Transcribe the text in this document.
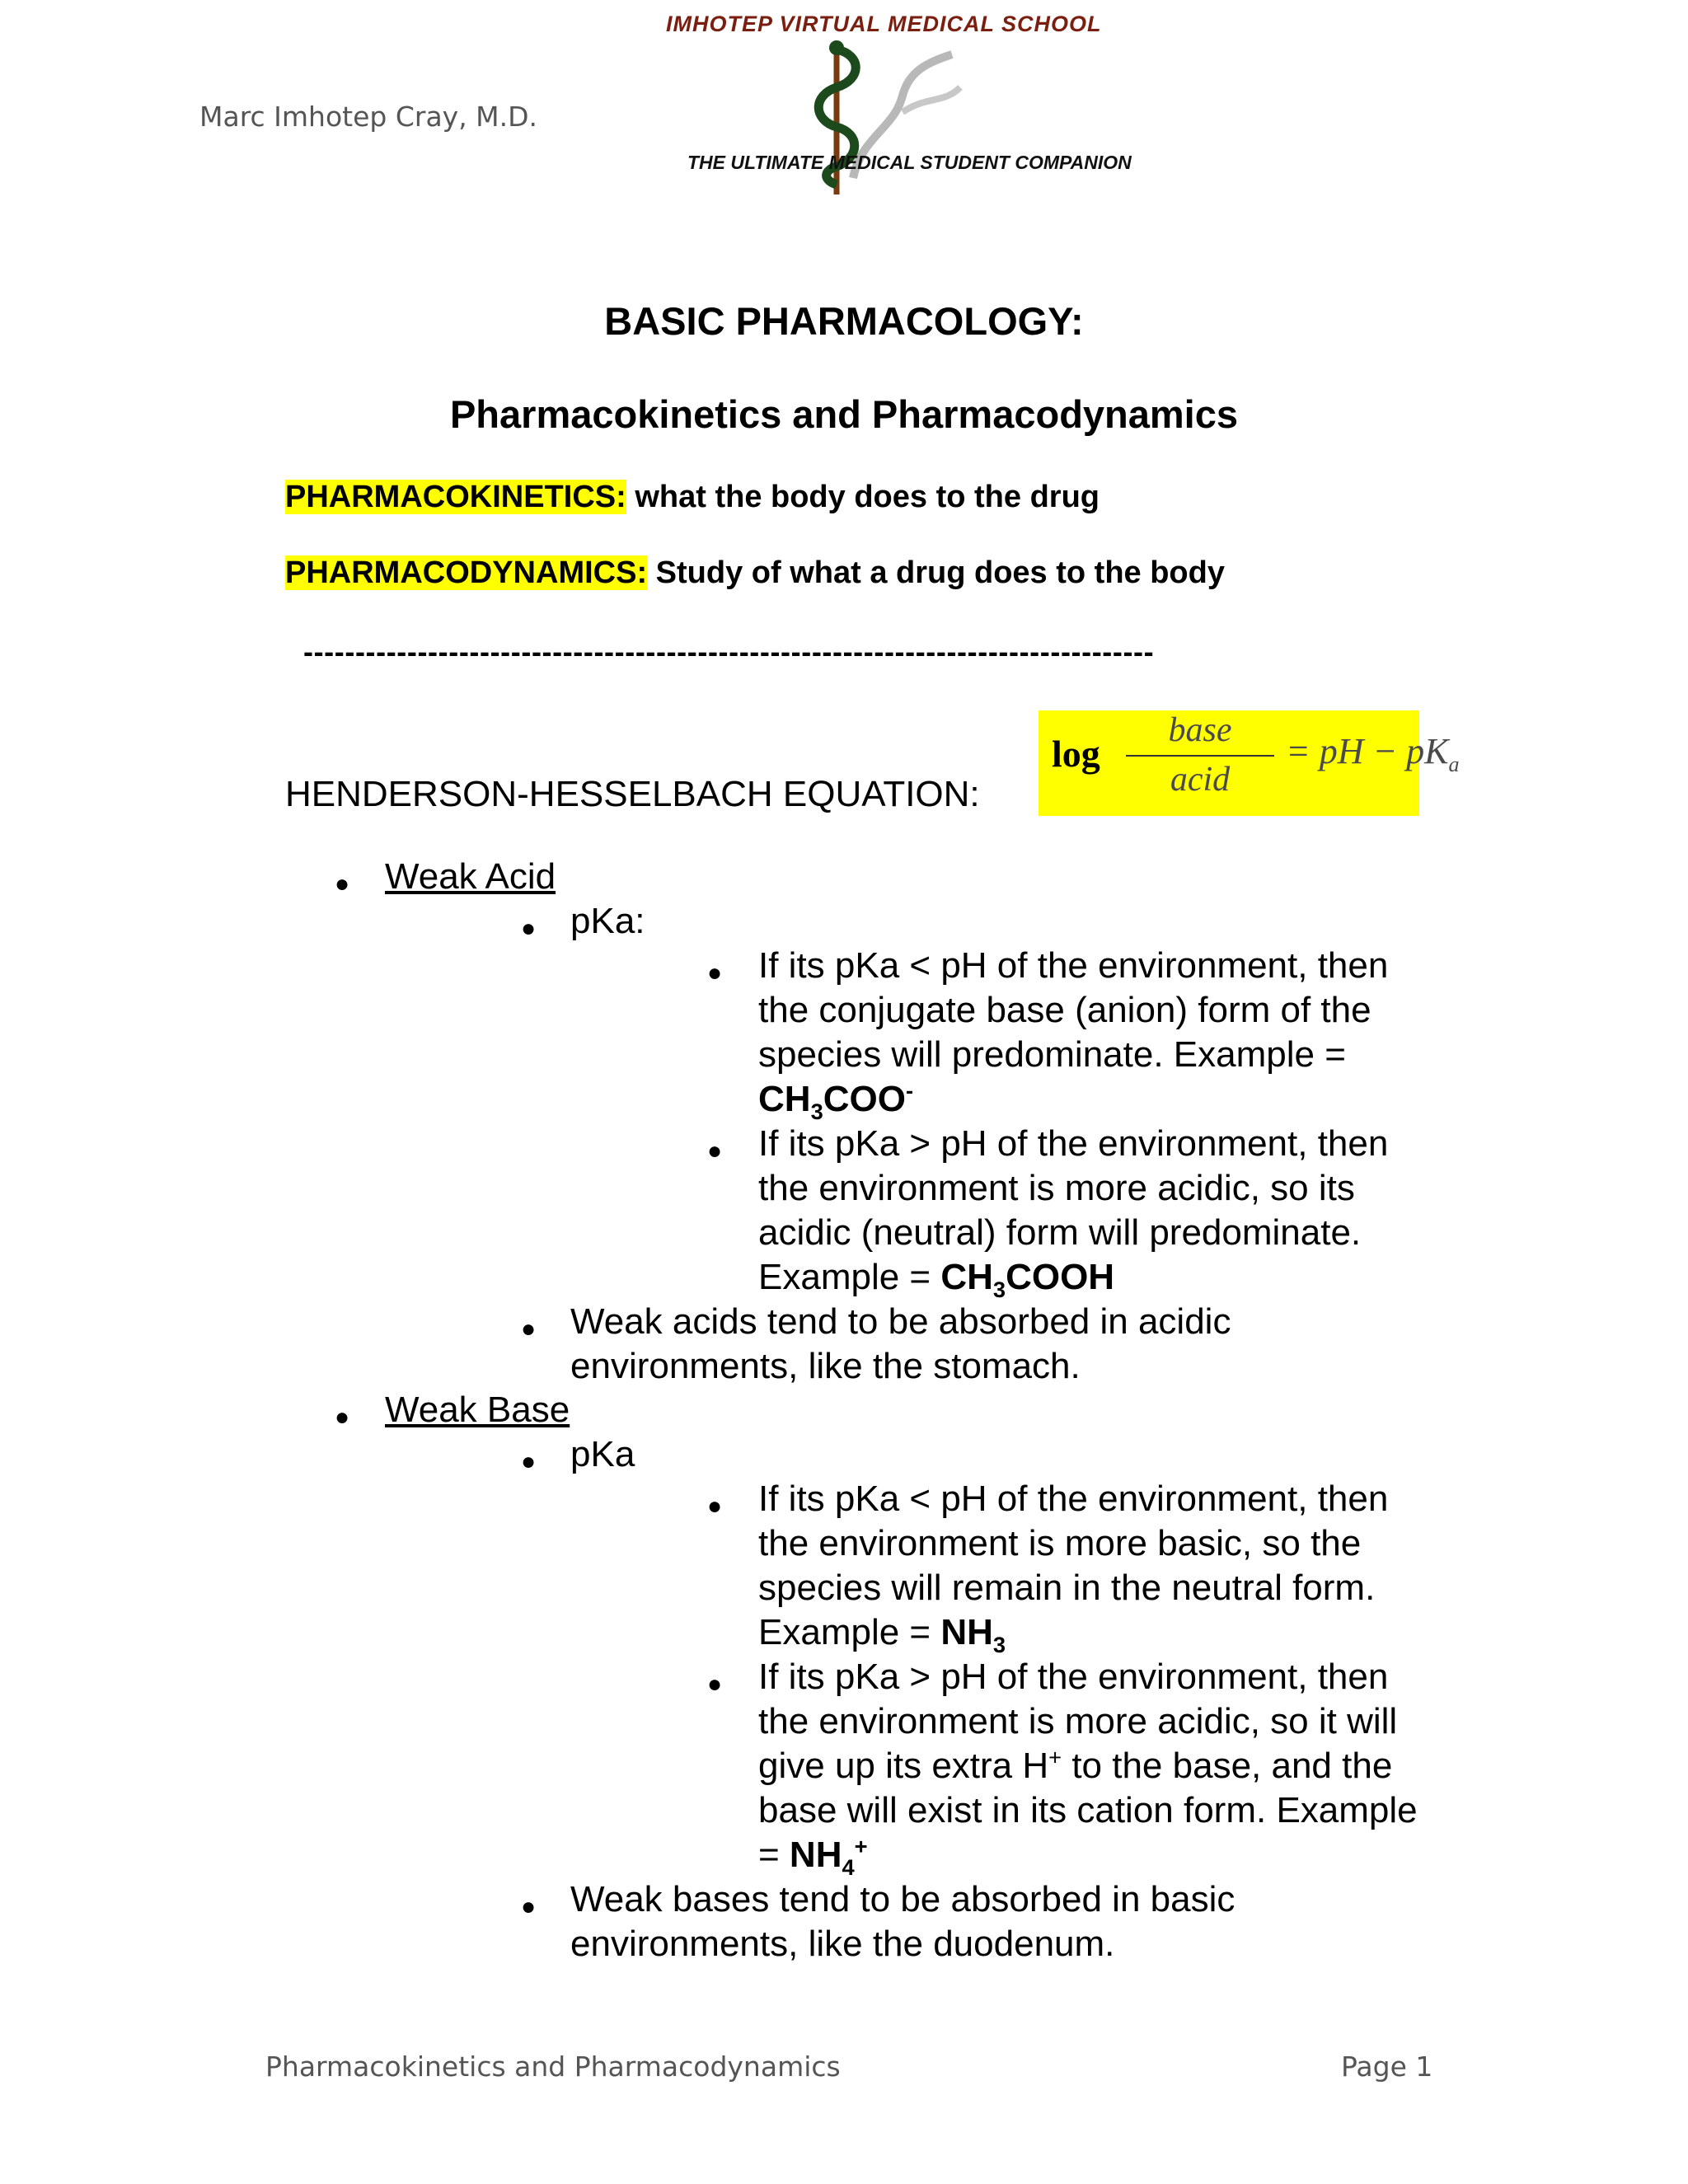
Marc Imhotep Cray, M.D.
IMHOTEP VIRTUAL MEDICAL SCHOOL
THE ULTIMATE MEDICAL STUDENT COMPANION
BASIC PHARMACOLOGY:
Pharmacokinetics and Pharmacodynamics
PHARMACOKINETICS: what the body does to the drug
PHARMACODYNAMICS: Study of what a drug does to the body
----------------------------------------------------------------------------------
HENDERSON-HESSELBACH EQUATION:
log
base
acid
= pH − $pK_a$
● Weak Acid
● pKa:
● If its pKa < pH of the environment, then
the conjugate base (anion) form of the
species will predominate. Example =
$CH_3COO^-$
● If its pKa > pH of the environment, then
the environment is more acidic, so its
acidic (neutral) form will predominate.
Example = $CH_3COOH$
● Weak acids tend to be absorbed in acidic
environments, like the stomach.
● Weak Base
● pKa
● If its pKa < pH of the environment, then
the environment is more basic, so the
species will remain in the neutral form.
Example = $NH_3$
● If its pKa > pH of the environment, then
the environment is more acidic, so it will
give up its extra H+ to the base, and the
base will exist in its cation form. Example
= $NH_4^+$
● Weak bases tend to be absorbed in basic
environments, like the duodenum.
Pharmacokinetics and Pharmacodynamics	Page 1
